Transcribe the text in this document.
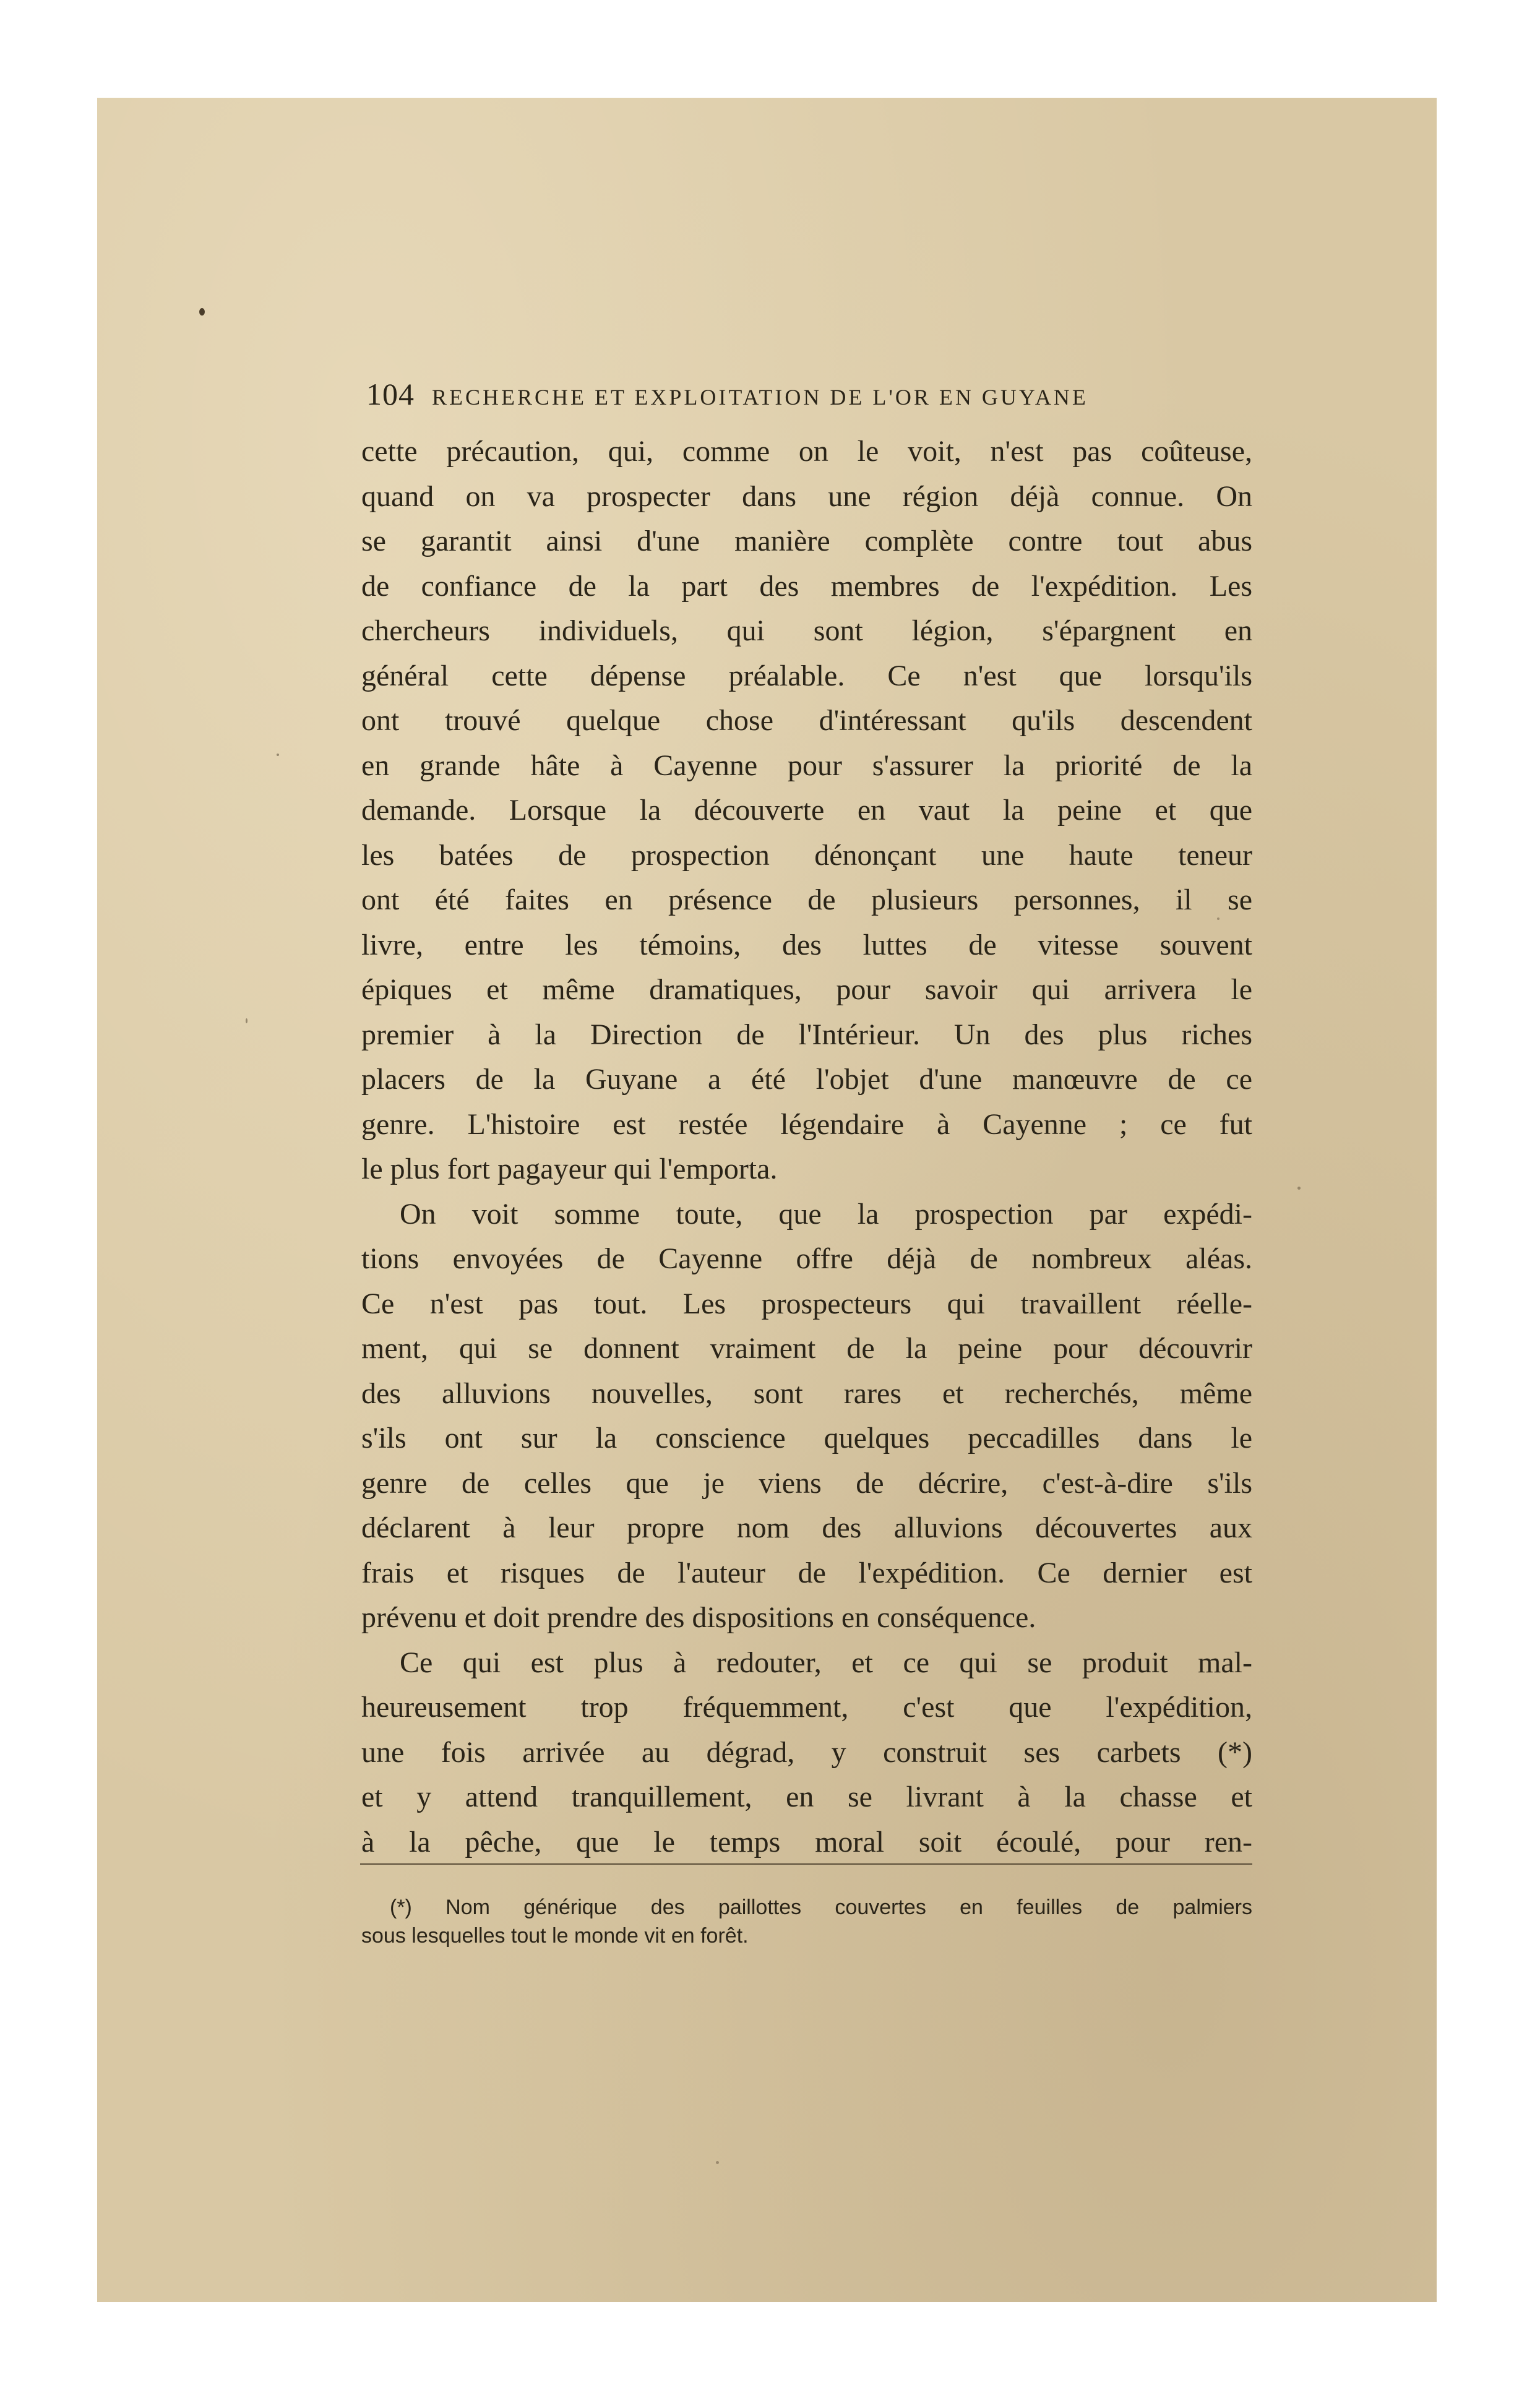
104 RECHERCHE ET EXPLOITATION DE L'OR EN GUYANE
cette précaution, qui, comme on le voit, n'est pas coûteuse,
quand on va prospecter dans une région déjà connue. On
se garantit ainsi d'une manière complète contre tout abus
de confiance de la part des membres de l'expédition. Les
chercheurs individuels, qui sont légion, s'épargnent en
général cette dépense préalable. Ce n'est que lorsqu'ils
ont trouvé quelque chose d'intéressant qu'ils descendent
en grande hâte à Cayenne pour s'assurer la priorité de la
demande. Lorsque la découverte en vaut la peine et que
les batées de prospection dénonçant une haute teneur
ont été faites en présence de plusieurs personnes, il se
livre, entre les témoins, des luttes de vitesse souvent
épiques et même dramatiques, pour savoir qui arrivera le
premier à la Direction de l'Intérieur. Un des plus riches
placers de la Guyane a été l'objet d'une manœuvre de ce
genre. L'histoire est restée légendaire à Cayenne ; ce fut
le plus fort pagayeur qui l'emporta.
On voit somme toute, que la prospection par expédi-
tions envoyées de Cayenne offre déjà de nombreux aléas.
Ce n'est pas tout. Les prospecteurs qui travaillent réelle-
ment, qui se donnent vraiment de la peine pour découvrir
des alluvions nouvelles, sont rares et recherchés, même
s'ils ont sur la conscience quelques peccadilles dans le
genre de celles que je viens de décrire, c'est-à-dire s'ils
déclarent à leur propre nom des alluvions découvertes aux
frais et risques de l'auteur de l'expédition. Ce dernier est
prévenu et doit prendre des dispositions en conséquence.
Ce qui est plus à redouter, et ce qui se produit mal-
heureusement trop fréquemment, c'est que l'expédition,
une fois arrivée au dégrad, y construit ses carbets (*)
et y attend tranquillement, en se livrant à la chasse et
à la pêche, que le temps moral soit écoulé, pour ren-
(*) Nom générique des paillottes couvertes en feuilles de palmiers
sous lesquelles tout le monde vit en forêt.
